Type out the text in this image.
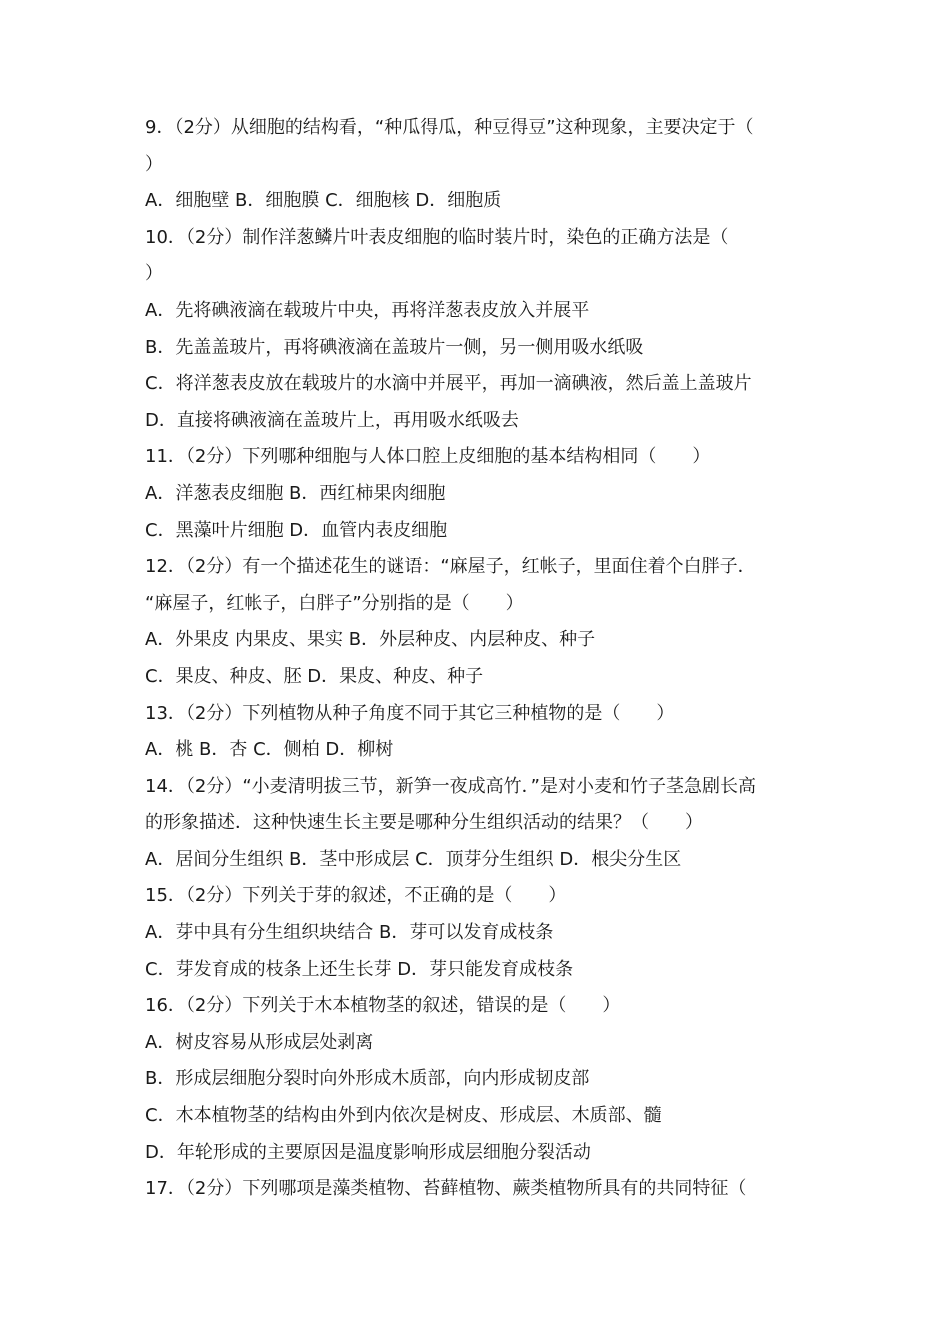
9．（2分）从细胞的结构看，“种瓜得瓜，种豆得豆”这种现象，主要决定于（
）
A．细胞壁 B．细胞膜 C．细胞核 D．细胞质
10．（2分）制作洋葱鳞片叶表皮细胞的临时装片时，染色的正确方法是（
）
A．先将碘液滴在载玻片中央，再将洋葱表皮放入并展平
B．先盖盖玻片，再将碘液滴在盖玻片一侧，另一侧用吸水纸吸
C．将洋葱表皮放在载玻片的水滴中并展平，再加一滴碘液，然后盖上盖玻片
D．直接将碘液滴在盖玻片上，再用吸水纸吸去
11．（2分）下列哪种细胞与人体口腔上皮细胞的基本结构相同（　　）
A．洋葱表皮细胞 B．西红柿果肉细胞
C．黑藻叶片细胞 D．血管内表皮细胞
12．（2分）有一个描述花生的谜语：“麻屋子，红帐子，里面住着个白胖子．
“麻屋子，红帐子，白胖子”分别指的是（　　）
A．外果皮 内果皮、果实 B．外层种皮、内层种皮、种子
C．果皮、种皮、胚 D．果皮、种皮、种子
13．（2分）下列植物从种子角度不同于其它三种植物的是（　　）
A．桃 B．杏 C．侧柏 D．柳树
14．（2分）“小麦清明拔三节，新笋一夜成高竹．”是对小麦和竹子茎急剧长高
的形象描述．这种快速生长主要是哪种分生组织活动的结果？（　　）
A．居间分生组织 B．茎中形成层 C．顶芽分生组织 D．根尖分生区
15．（2分）下列关于芽的叙述，不正确的是（　　）
A．芽中具有分生组织块结合 B．芽可以发育成枝条
C．芽发育成的枝条上还生长芽 D．芽只能发育成枝条
16．（2分）下列关于木本植物茎的叙述，错误的是（　　）
A．树皮容易从形成层处剥离
B．形成层细胞分裂时向外形成木质部，向内形成韧皮部
C．木本植物茎的结构由外到内依次是树皮、形成层、木质部、髓
D．年轮形成的主要原因是温度影响形成层细胞分裂活动
17．（2分）下列哪项是藻类植物、苔藓植物、蕨类植物所具有的共同特征（
